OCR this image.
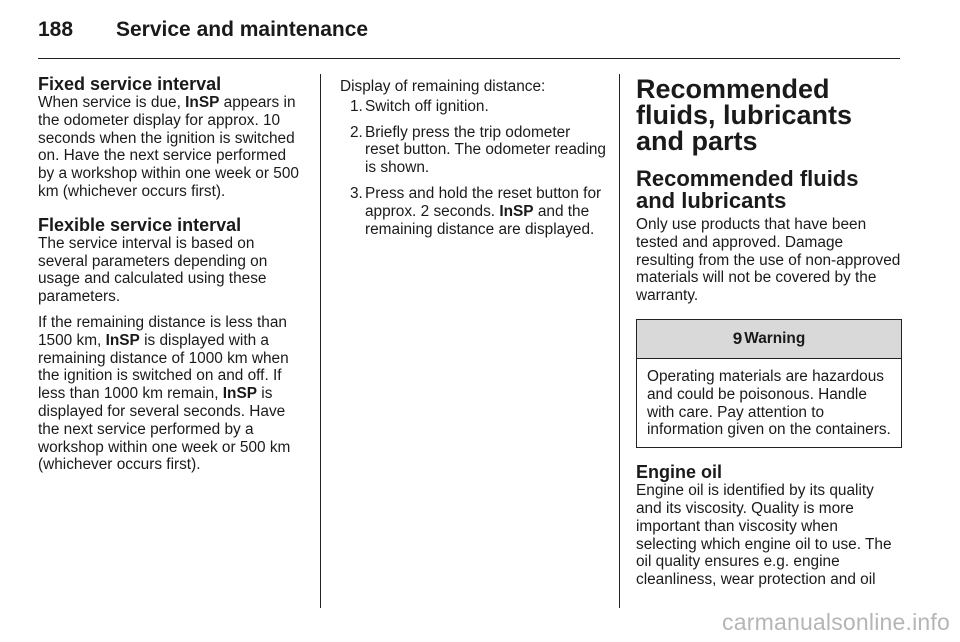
188 Service and maintenance
Fixed service interval

When service is due, InSP appears in the odometer display for approx. 10 seconds when the ignition is switched on. Have the next service performed by a workshop within one week or 500 km (whichever occurs first).

Flexible service interval

The service interval is based on several parameters depending on usage and calculated using these parameters.

If the remaining distance is less than 1500 km, InSP is displayed with a remaining distance of 1000 km when the ignition is switched on and off. If less than 1000 km remain, InSP is displayed for several seconds. Have the next service performed by a workshop within one week or 500 km (whichever occurs first).

Display of remaining distance:

1. Switch off ignition.
2. Briefly press the trip odometer reset button. The odometer reading is shown.
3. Press and hold the reset button for approx. 2 seconds. InSP and the remaining distance are displayed.
Recommended fluids, lubricants and parts
Recommended fluids and lubricants

Only use products that have been tested and approved. Damage resulting from the use of non-approved materials will not be covered by the warranty.

9 Warning
Operating materials are hazardous and could be poisonous. Handle with care. Pay attention to information given on the containers.
Engine oil

Engine oil is identified by its quality and its viscosity. Quality is more important than viscosity when selecting which engine oil to use. The oil quality ensures e.g. engine cleanliness, wear protection and oil

carmanualsonline.info
